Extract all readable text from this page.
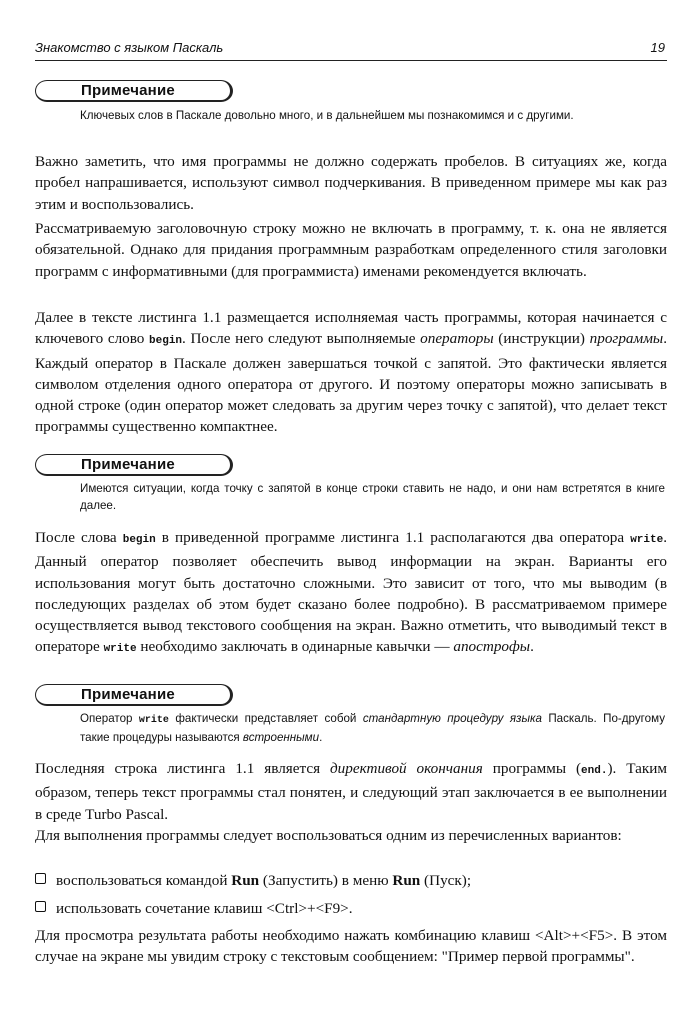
Знакомство с языком Паскаль	19
Примечание
Ключевых слов в Паскале довольно много, и в дальнейшем мы познакомимся и с другими.
Важно заметить, что имя программы не должно содержать пробелов. В ситуациях же, когда пробел напрашивается, используют символ подчеркивания. В приведенном примере мы как раз этим и воспользовались.
Рассматриваемую заголовочную строку можно не включать в программу, т. к. она не является обязательной. Однако для придания программным разработкам определенного стиля заголовки программ с информативными (для программиста) именами рекомендуется включать.
Далее в тексте листинга 1.1 размещается исполняемая часть программы, которая начинается с ключевого слово begin. После него следуют выполняемые операторы (инструкции) программы. Каждый оператор в Паскале должен завершаться точкой с запятой. Это фактически является символом отделения одного оператора от другого. И поэтому операторы можно записывать в одной строке (один оператор может следовать за другим через точку с запятой), что делает текст программы существенно компактнее.
Примечание
Имеются ситуации, когда точку с запятой в конце строки ставить не надо, и они нам встретятся в книге далее.
После слова begin в приведенной программе листинга 1.1 располагаются два оператора write. Данный оператор позволяет обеспечить вывод информации на экран. Варианты его использования могут быть достаточно сложными. Это зависит от того, что мы выводим (в последующих разделах об этом будет сказано более подробно). В рассматриваемом примере осуществляется вывод текстового сообщения на экран. Важно отметить, что выводимый текст в операторе write необходимо заключать в одинарные кавычки — апострофы.
Примечание
Оператор write фактически представляет собой стандартную процедуру языка Паскаль. По-другому такие процедуры называются встроенными.
Последняя строка листинга 1.1 является директивой окончания программы (end.). Таким образом, теперь текст программы стал понятен, и следующий этап заключается в ее выполнении в среде Turbo Pascal.
Для выполнения программы следует воспользоваться одним из перечисленных вариантов:
воспользоваться командой Run (Запустить) в меню Run (Пуск);
использовать сочетание клавиш <Ctrl>+<F9>.
Для просмотра результата работы необходимо нажать комбинацию клавиш <Alt>+<F5>. В этом случае на экране мы увидим строку с текстовым сообщением: "Пример первой программы".
